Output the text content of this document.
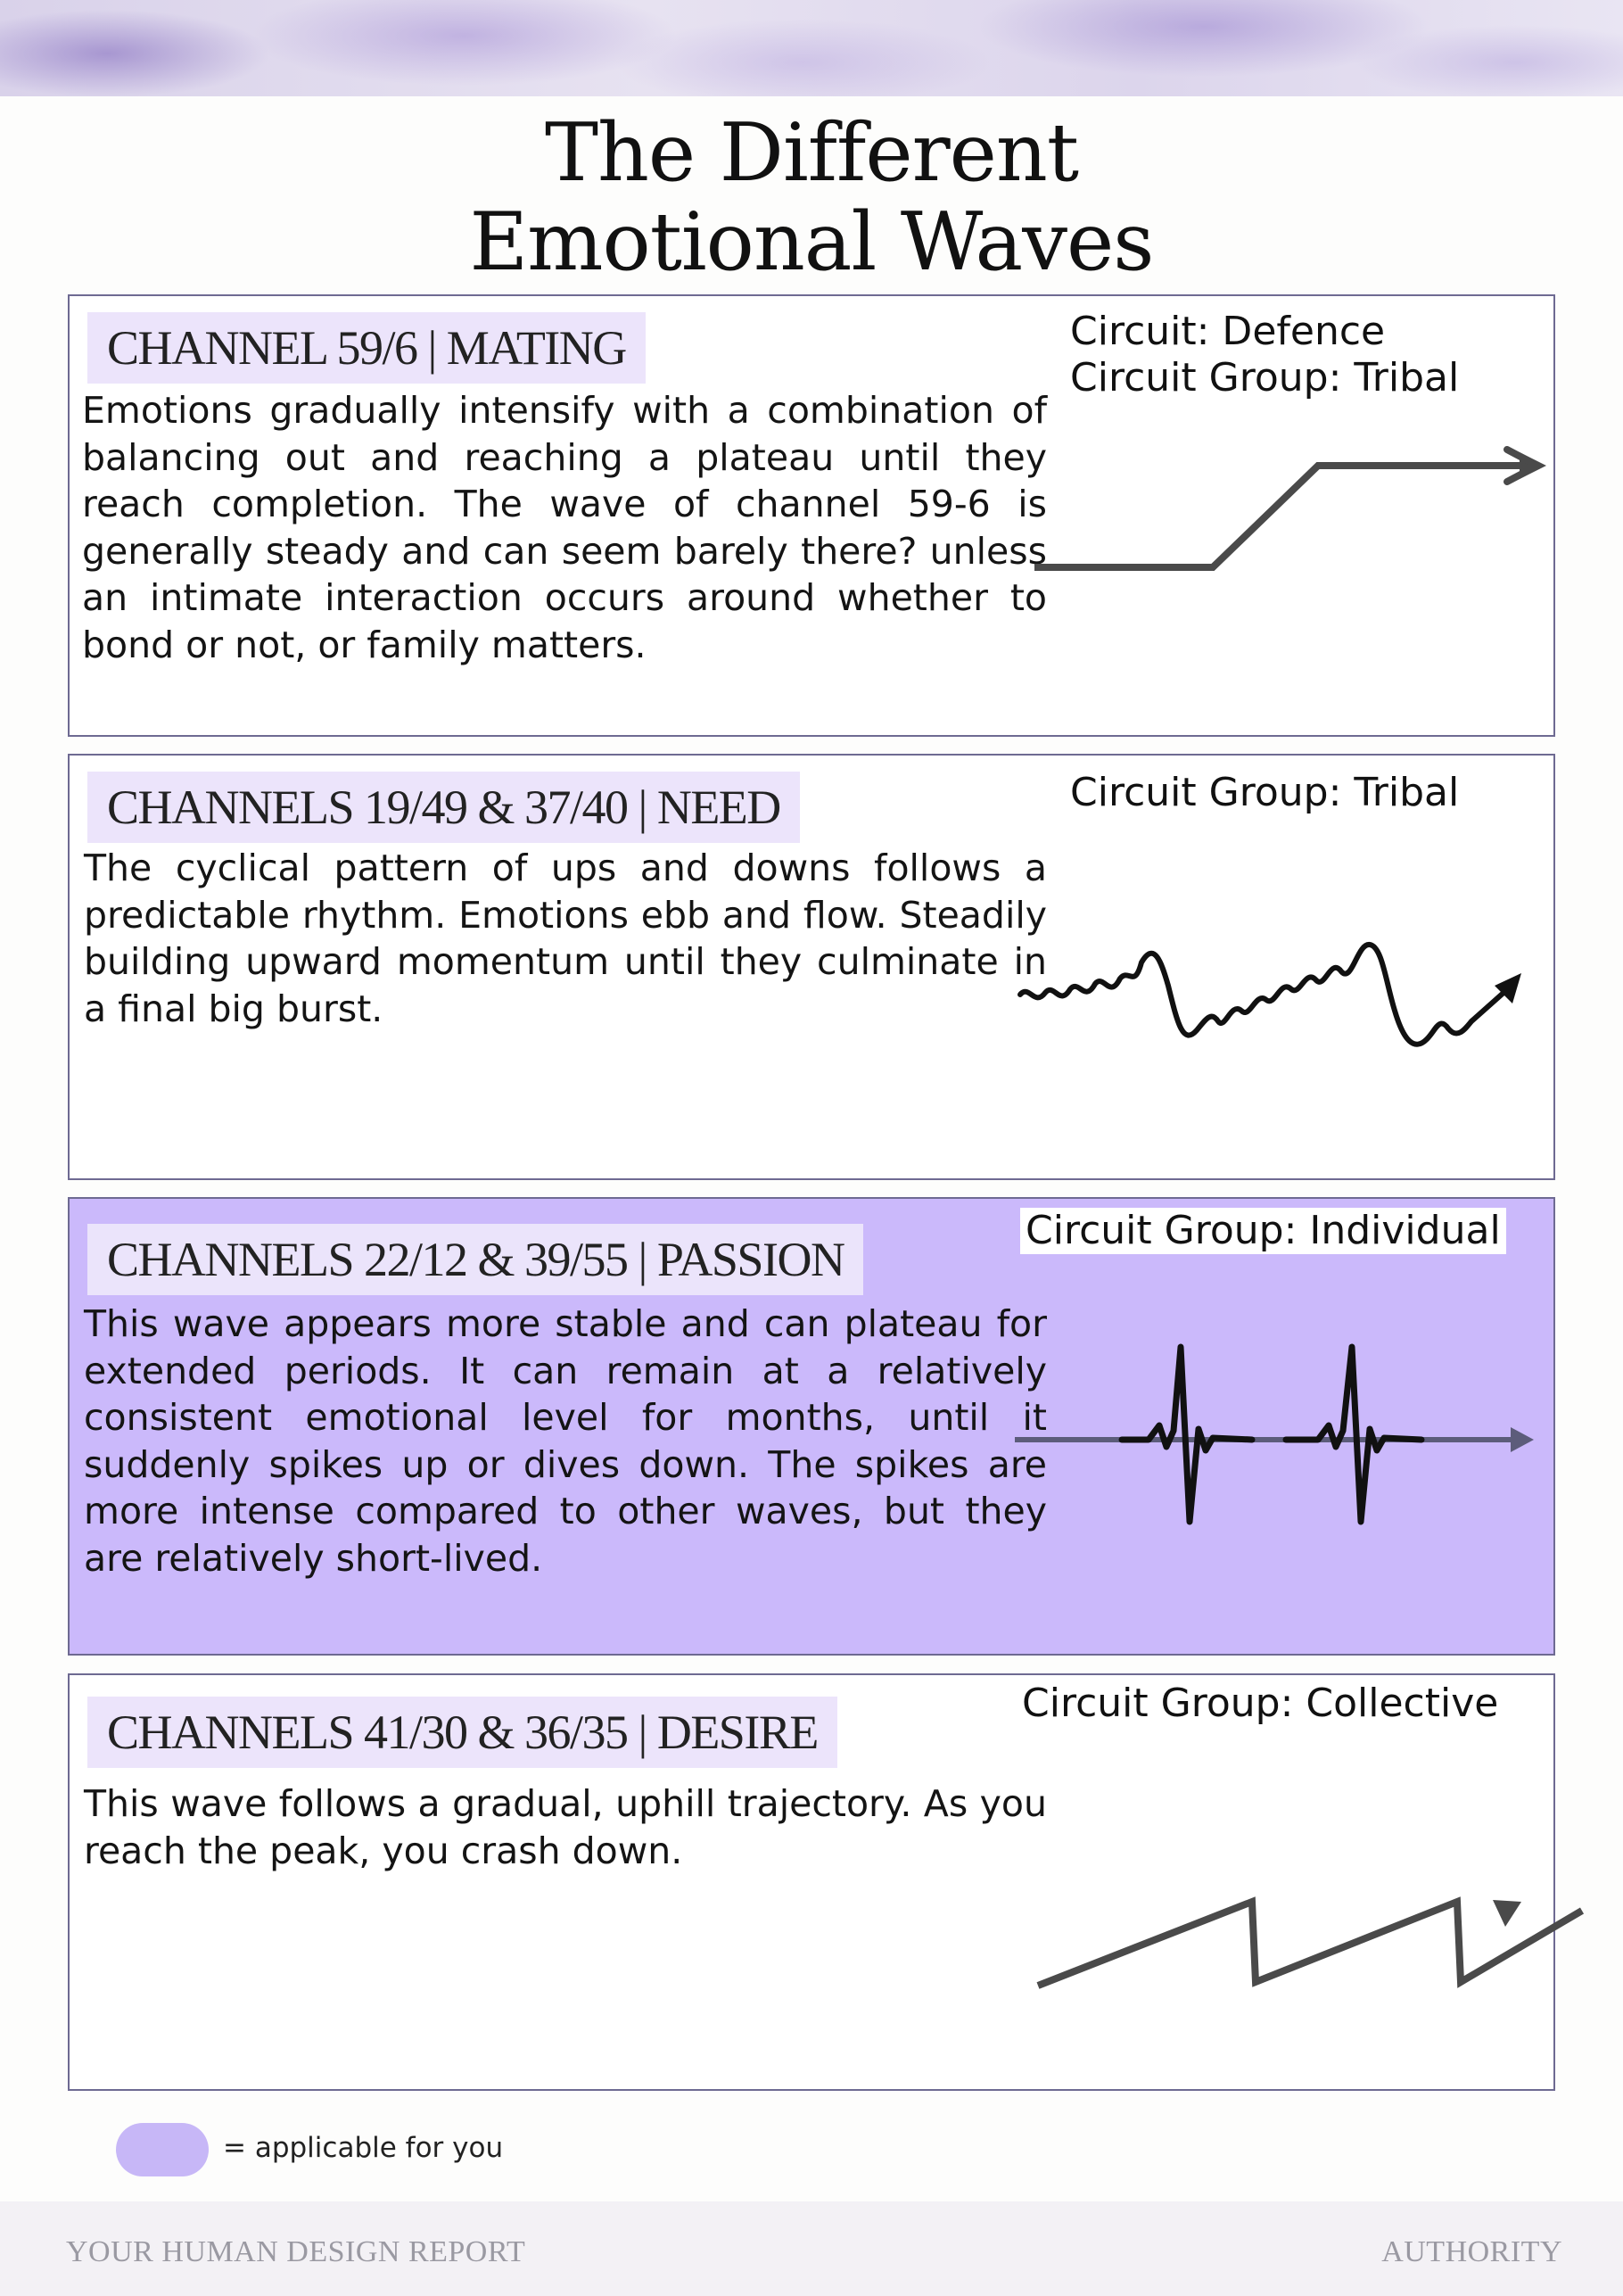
The Different
Emotional Waves
CHANNEL 59/6 | MATING

Emotions gradually intensify with a combination of balancing out and reaching a plateau until they reach completion. The wave of channel 59-6 is generally steady and can seem barely there? unless an intimate interaction occurs around whether to bond or not, or family matters.

Circuit: Defence
Circuit Group: Tribal
CHANNELS 19/49 & 37/40 | NEED

The cyclical pattern of ups and downs follows a predictable rhythm. Emotions ebb and flow. Steadily building upward momentum until they culminate in a final big burst.

Circuit Group: Tribal
CHANNELS 22/12 & 39/55 | PASSION

This wave appears more stable and can plateau for extended periods. It can remain at a relatively consistent emotional level for months, until it suddenly spikes up or dives down. The spikes are more intense compared to other waves, but they are relatively short-lived.

Circuit Group: Individual
CHANNELS 41/30 & 36/35 | DESIRE

This wave follows a gradual, uphill trajectory. As you reach the peak, you crash down.

Circuit Group: Collective
= applicable for you
YOUR HUMAN DESIGN REPORT	AUTHORITY
